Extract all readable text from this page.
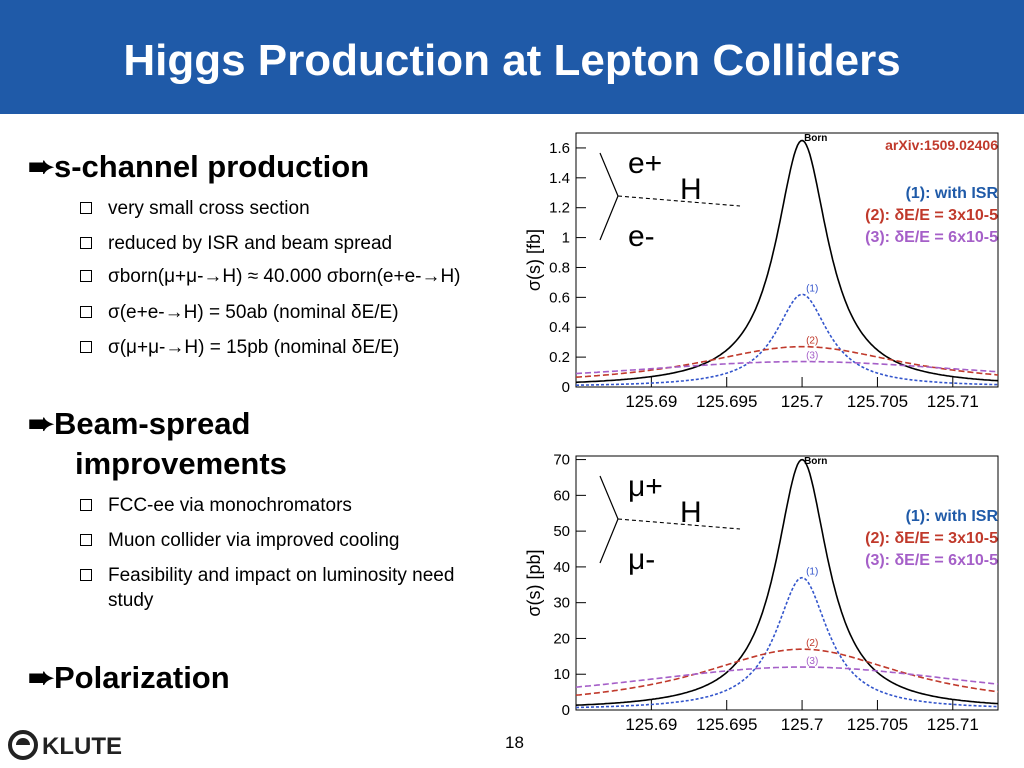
Higgs Production at Lepton Colliders
➨s-channel production
very small cross section
reduced by ISR and beam spread
σborn(μ+μ-→H) ≈ 40.000 σborn(e+e-→H)
σ(e+e-→H) = 50ab (nominal δE/E)
σ(μ+μ-→H) = 15pb (nominal δE/E)
➨Beam-spread
improvements
FCC-ee via monochromators
Muon collider via improved cooling
Feasibility and impact on luminosity need study
➨Polarization
KLUTE	18
0
0.2
0.4
0.6
0.8
1
1.2
1.4
1.6
125.69 125.695 125.7 125.705 125.71
σ(s) [fb]
Born
(1)
(2)
(3)
e+
e-
H	(1): with ISR
(2): δE/E = 3x10-5
(3): δE/E = 6x10-5
arXiv:1509.02406
0
10
20
30
40
50
60
70
125.69 125.695 125.7 125.705 125.71
σ(s) [pb]
Born
(1)
(2)
(3)
μ+
μ-
H	(1): with ISR
(2): δE/E = 3x10-5
(3): δE/E = 6x10-5
